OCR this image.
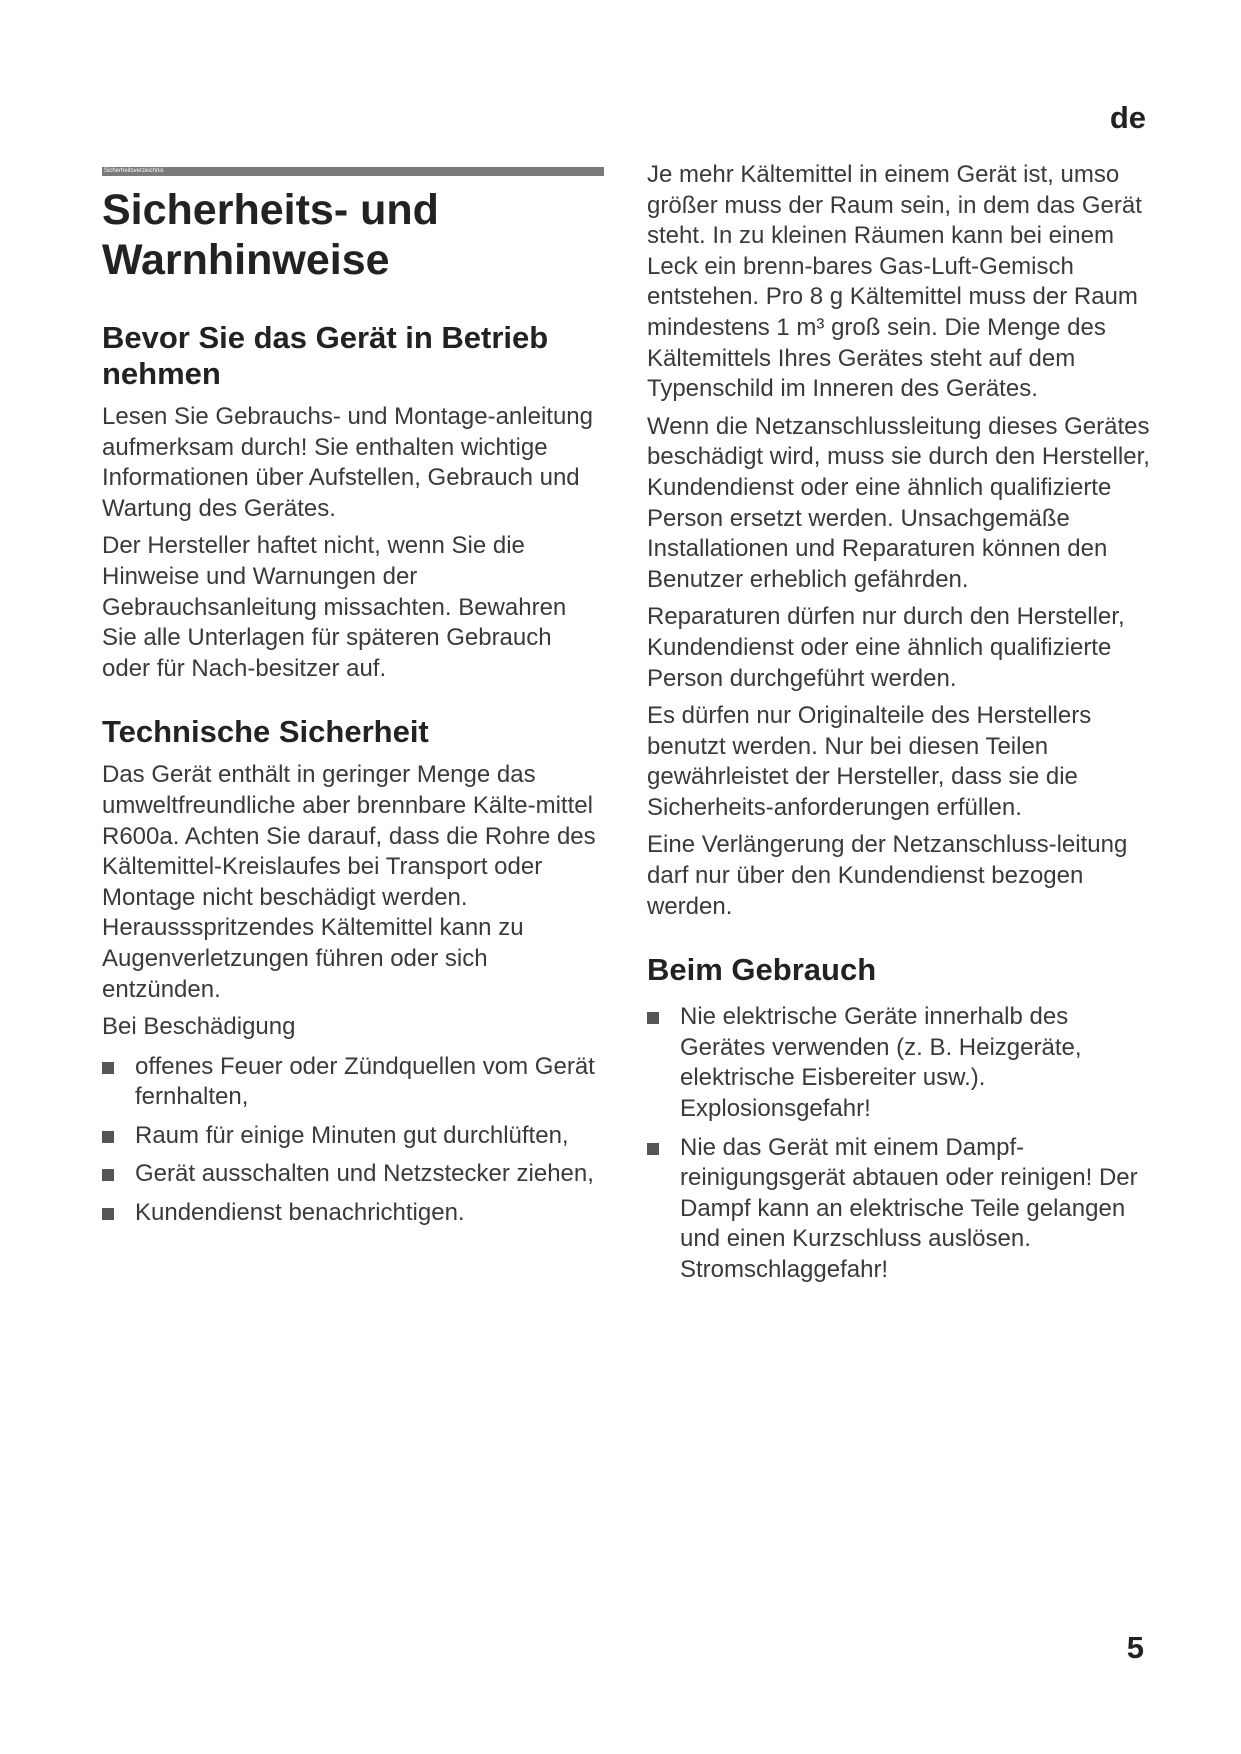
de
Sicherheitsverzeichnis
Sicherheits- und Warnhinweise
Bevor Sie das Gerät in Betrieb nehmen

Lesen Sie Gebrauchs- und Montage-anleitung aufmerksam durch! Sie enthalten wichtige Informationen über Aufstellen, Gebrauch und Wartung des Gerätes.

Der Hersteller haftet nicht, wenn Sie die Hinweise und Warnungen der Gebrauchsanleitung missachten. Bewahren Sie alle Unterlagen für späteren Gebrauch oder für Nach-besitzer auf.

Technische Sicherheit

Das Gerät enthält in geringer Menge das umweltfreundliche aber brennbare Kälte-mittel R600a. Achten Sie darauf, dass die Rohre des Kältemittel-Kreislaufes bei Transport oder Montage nicht beschädigt werden. Heraussspritzendes Kältemittel kann zu Augenverletzungen führen oder sich entzünden.

Bei Beschädigung

offenes Feuer oder Zündquellen vom Gerät fernhalten,
Raum für einige Minuten gut durchlüften,
Gerät ausschalten und Netzstecker ziehen,
Kundendienst benachrichtigen.

Je mehr Kältemittel in einem Gerät ist, umso größer muss der Raum sein, in dem das Gerät steht. In zu kleinen Räumen kann bei einem Leck ein brenn-bares Gas-Luft-Gemisch entstehen. Pro 8 g Kältemittel muss der Raum mindestens 1 m³ groß sein. Die Menge des Kältemittels Ihres Gerätes steht auf dem Typenschild im Inneren des Gerätes.

Wenn die Netzanschlussleitung dieses Gerätes beschädigt wird, muss sie durch den Hersteller, Kundendienst oder eine ähnlich qualifizierte Person ersetzt werden. Unsachgemäße Installationen und Reparaturen können den Benutzer erheblich gefährden.

Reparaturen dürfen nur durch den Hersteller, Kundendienst oder eine ähnlich qualifizierte Person durchgeführt werden.

Es dürfen nur Originalteile des Herstellers benutzt werden. Nur bei diesen Teilen gewährleistet der Hersteller, dass sie die Sicherheits-anforderungen erfüllen.

Eine Verlängerung der Netzanschluss-leitung darf nur über den Kundendienst bezogen werden.

Beim Gebrauch
Nie elektrische Geräte innerhalb des Gerätes verwenden (z. B. Heizgeräte, elektrische Eisbereiter usw.). Explosionsgefahr!
Nie das Gerät mit einem Dampf-reinigungsgerät abtauen oder reinigen! Der Dampf kann an elektrische Teile gelangen und einen Kurzschluss auslösen. Stromschlaggefahr!
5
